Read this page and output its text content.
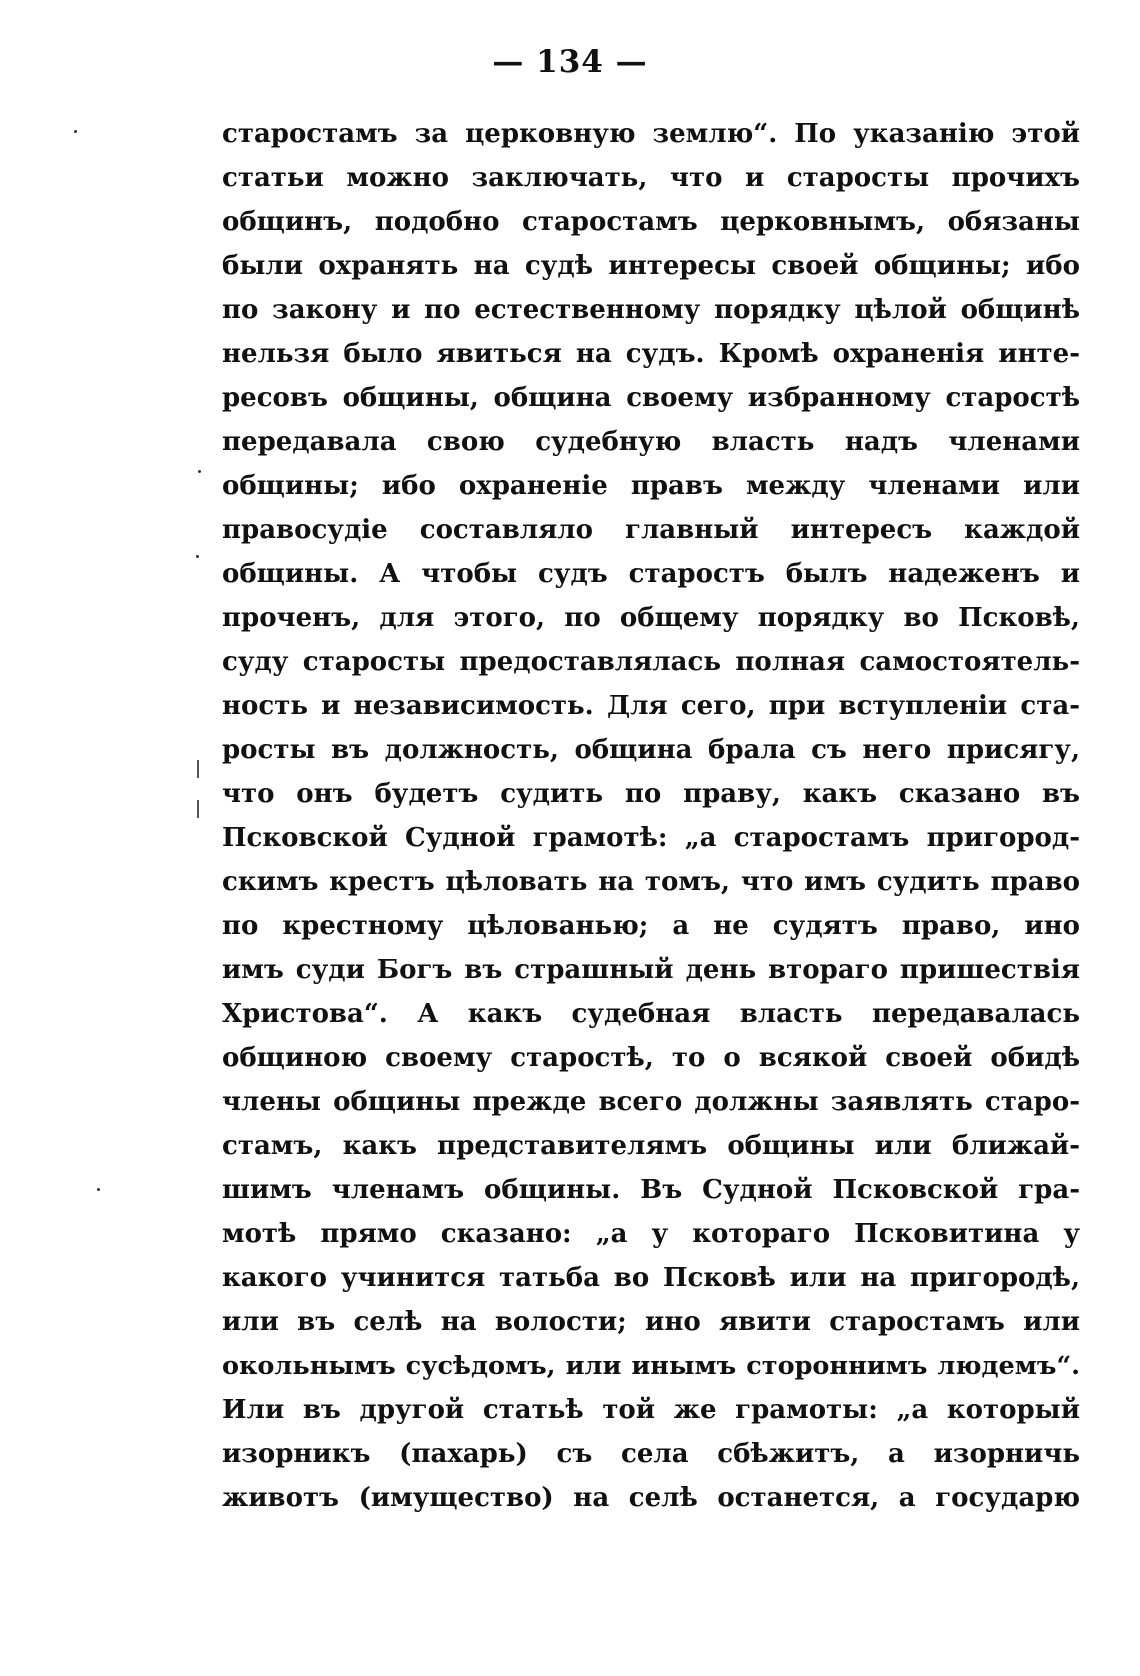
— 134 —
старостамъ за церковную землю“. По указанію этой
статьи можно заключать, что и старосты прочихъ
общинъ, подобно старостамъ церковнымъ, обязаны
были охранять на судѣ интересы своей общины; ибо
по закону и по естественному порядку цѣлой общинѣ
нельзя было явиться на судъ. Кромѣ охраненія инте-
ресовъ общины, община своему избранному старостѣ
передавала свою судебную власть надъ членами
общины; ибо охраненіе правъ между членами или
правосудіе составляло главный интересъ каждой
общины. А чтобы судъ старостъ былъ надеженъ и
проченъ, для этого, по общему порядку во Псковѣ,
суду старосты предоставлялась полная самостоятель-
ность и независимость. Для сего, при вступленіи ста-
росты въ должность, община брала съ него присягу,
что онъ будетъ судить по праву, какъ сказано въ
Псковской Судной грамотѣ: „а старостамъ пригород-
скимъ крестъ цѣловать на томъ, что имъ судить право
по крестному цѣлованью; а не судятъ право, ино
имъ суди Богъ въ страшный день втораго пришествія
Христова“. А какъ судебная власть передавалась
общиною своему старостѣ, то о всякой своей обидѣ
члены общины прежде всего должны заявлять старо-
стамъ, какъ представителямъ общины или ближай-
шимъ членамъ общины. Въ Судной Псковской гра-
мотѣ прямо сказано: „а у котораго Псковитина у
какого учинится татьба во Псковѣ или на пригородѣ,
или въ селѣ на волости; ино явити старостамъ или
окольнымъ сусѣдомъ, или инымъ стороннимъ людемъ“.
Или въ другой статьѣ той же грамоты: „а который
изорникъ (пахарь) съ села сбѣжитъ, а изорничь
животъ (имущество) на селѣ останется, а государю
